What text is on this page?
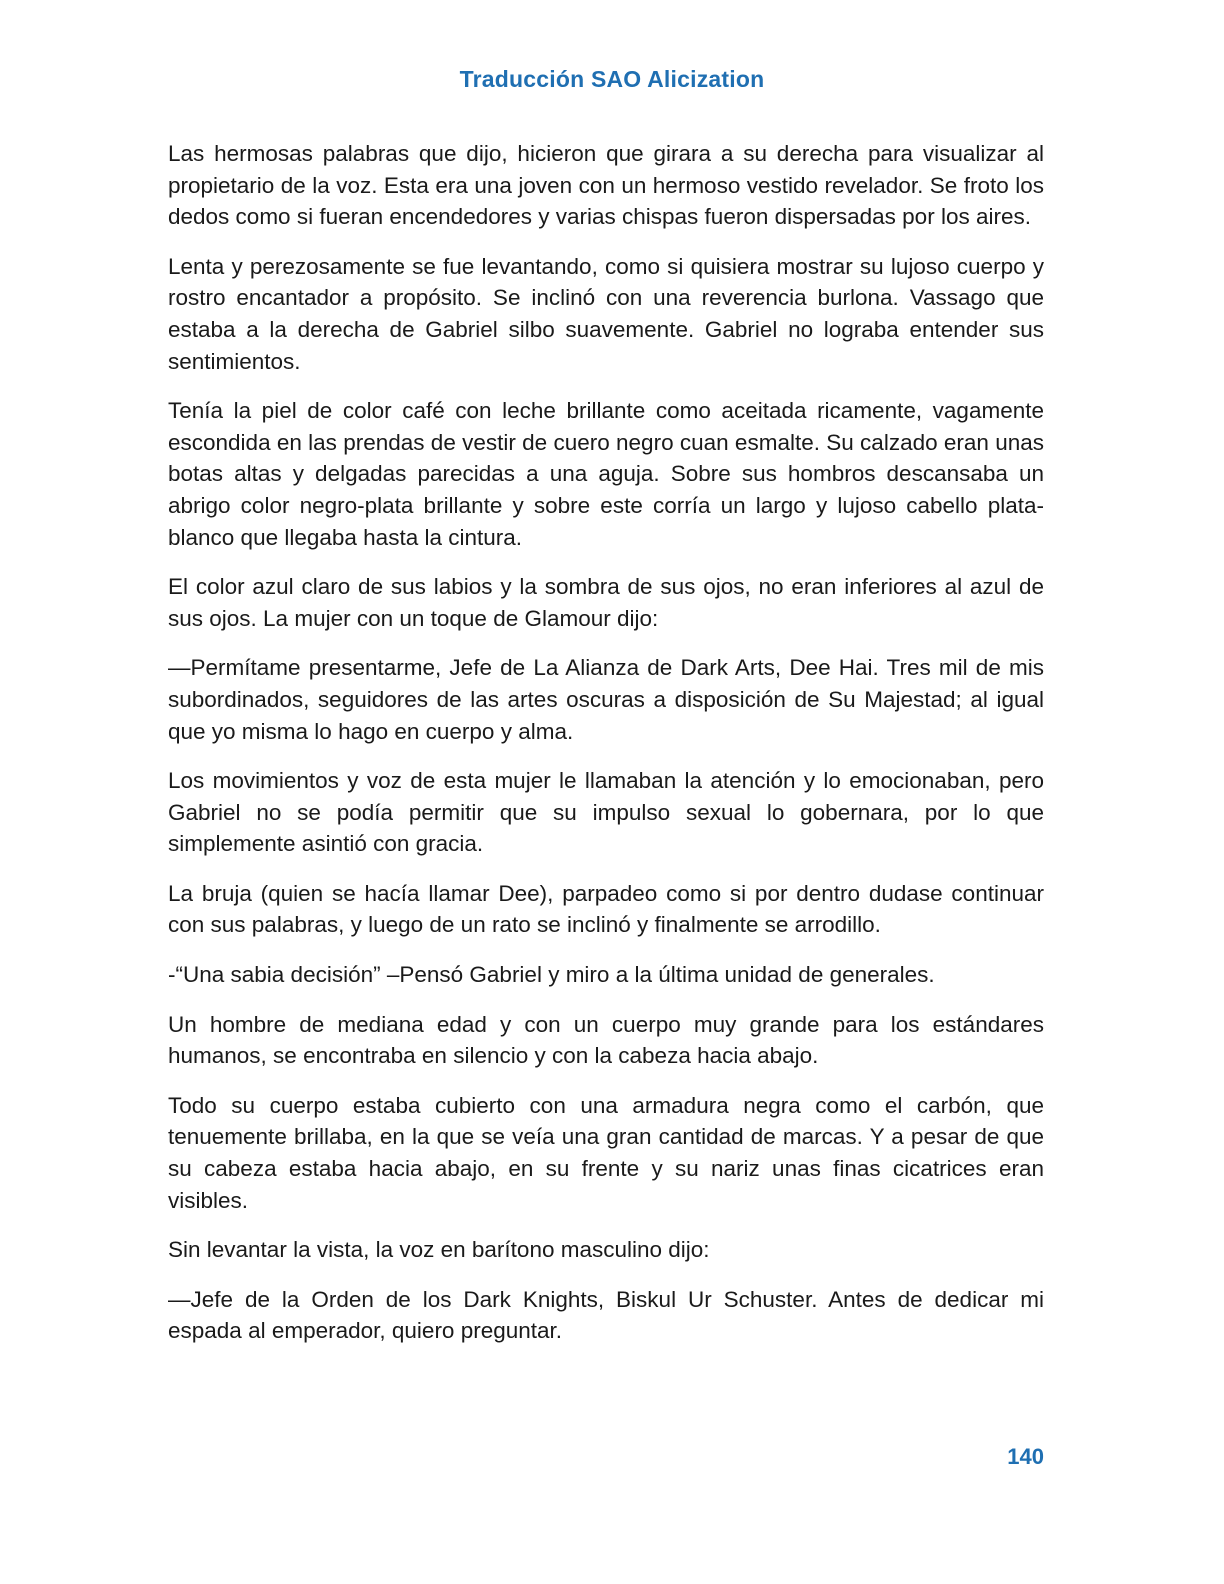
Traducción SAO Alicization

Las hermosas palabras que dijo, hicieron que girara a su derecha para visualizar al propietario de la voz. Esta era una joven con un hermoso vestido revelador. Se froto los dedos como si fueran encendedores y varias chispas fueron dispersadas por los aires.

Lenta y perezosamente se fue levantando, como si quisiera mostrar su lujoso cuerpo y rostro encantador a propósito. Se inclinó con una reverencia burlona. Vassago que estaba a la derecha de Gabriel silbo suavemente. Gabriel no lograba entender sus sentimientos.

Tenía la piel de color café con leche brillante como aceitada ricamente, vagamente escondida en las prendas de vestir de cuero negro cuan esmalte. Su calzado eran unas botas altas y delgadas parecidas a una aguja. Sobre sus hombros descansaba un abrigo color negro-plata brillante y sobre este corría un largo y lujoso cabello plata-blanco que llegaba hasta la cintura.

El color azul claro de sus labios y la sombra de sus ojos, no eran inferiores al azul de sus ojos. La mujer con un toque de Glamour dijo:

—Permítame presentarme, Jefe de La Alianza de Dark Arts, Dee Hai. Tres mil de mis subordinados, seguidores de las artes oscuras a disposición de Su Majestad; al igual que yo misma lo hago en cuerpo y alma.

Los movimientos y voz de esta mujer le llamaban la atención y lo emocionaban, pero Gabriel no se podía permitir que su impulso sexual lo gobernara, por lo que simplemente asintió con gracia.

La bruja (quien se hacía llamar Dee), parpadeo como si por dentro dudase continuar con sus palabras, y luego de un rato se inclinó y finalmente se arrodillo.

-“Una sabia decisión” –Pensó Gabriel y miro a la última unidad de generales.

Un hombre de mediana edad y con un cuerpo muy grande para los estándares humanos, se encontraba en silencio y con la cabeza hacia abajo.

Todo su cuerpo estaba cubierto con una armadura negra como el carbón, que tenuemente brillaba, en la que se veía una gran cantidad de marcas. Y a pesar de que su cabeza estaba hacia abajo, en su frente y su nariz unas finas cicatrices eran visibles.

Sin levantar la vista, la voz en barítono masculino dijo:

—Jefe de la Orden de los Dark Knights, Biskul Ur Schuster. Antes de dedicar mi espada al emperador, quiero preguntar.

140
